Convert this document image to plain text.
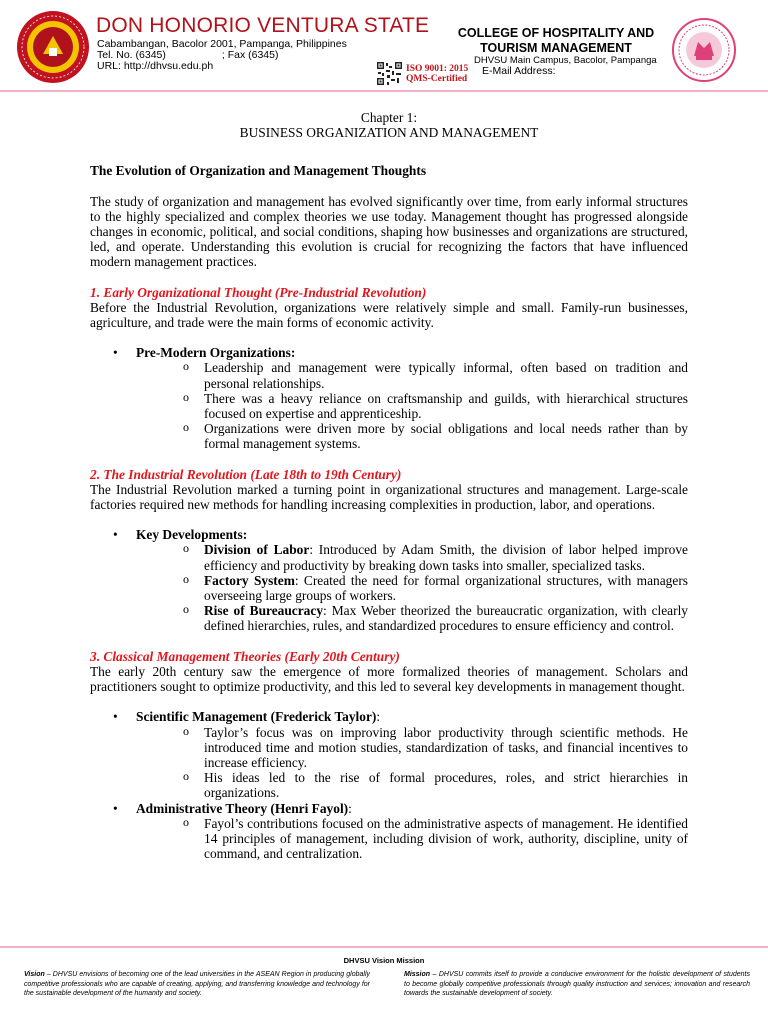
DON HONORIO VENTURA STATE
Cabambangan, Bacolor 2001, Pampanga, Philippines
Tel. No. (6345)	; Fax (6345)
URL: http://dhvsu.edu.ph	ISO 9001: 2015
QMS-Certified
E-Mail Address:
COLLEGE OF HOSPITALITY AND
TOURISM MANAGEMENT
DHVSU Main Campus, Bacolor, Pampanga
Chapter 1:
BUSINESS ORGANIZATION AND MANAGEMENT
The Evolution of Organization and Management Thoughts

The study of organization and management has evolved significantly over time, from early informal structures to the highly specialized and complex theories we use today. Management thought has progressed alongside changes in economic, political, and social conditions, shaping how businesses and organizations are structured, led, and operate. Understanding this evolution is crucial for recognizing the factors that have influenced modern management practices.

1. Early Organizational Thought (Pre-Industrial Revolution)

Before the Industrial Revolution, organizations were relatively simple and small. Family-run businesses, agriculture, and trade were the main forms of economic activity.

• Pre-Modern Organizations:
o Leadership and management were typically informal, often based on tradition and personal relationships.
o There was a heavy reliance on craftsmanship and guilds, with hierarchical structures focused on expertise and apprenticeship.
o Organizations were driven more by social obligations and local needs rather than by formal management systems.
2. The Industrial Revolution (Late 18th to 19th Century)

The Industrial Revolution marked a turning point in organizational structures and management. Large-scale factories required new methods for handling increasing complexities in production, labor, and operations.

• Key Developments:
o Division of Labor: Introduced by Adam Smith, the division of labor helped improve efficiency and productivity by breaking down tasks into smaller, specialized tasks.
o Factory System: Created the need for formal organizational structures, with managers overseeing large groups of workers.
o Rise of Bureaucracy: Max Weber theorized the bureaucratic organization, with clearly defined hierarchies, rules, and standardized procedures to ensure efficiency and control.
3. Classical Management Theories (Early 20th Century)

The early 20th century saw the emergence of more formalized theories of management. Scholars and practitioners sought to optimize productivity, and this led to several key developments in management thought.

• Scientific Management (Frederick Taylor):
o Taylor’s focus was on improving labor productivity through scientific methods. He introduced time and motion studies, standardization of tasks, and financial incentives to increase efficiency.
o His ideas led to the rise of formal procedures, roles, and strict hierarchies in organizations.
• Administrative Theory (Henri Fayol):
o Fayol’s contributions focused on the administrative aspects of management. He identified 14 principles of management, including division of work, authority, discipline, unity of command, and centralization.
DHVSU Vision Mission
Vision – DHVSU envisions of becoming one of the lead universities in the ASEAN Region in producing globally competitive professionals who are capable of creating, applying, and transferring knowledge and technology for the sustainable development of the humanity and society.
Mission – DHVSU commits itself to provide a conducive environment for the holistic development of students to become globally competitive professionals through quality instruction and services; innovation and research towards the sustainable development of society.
